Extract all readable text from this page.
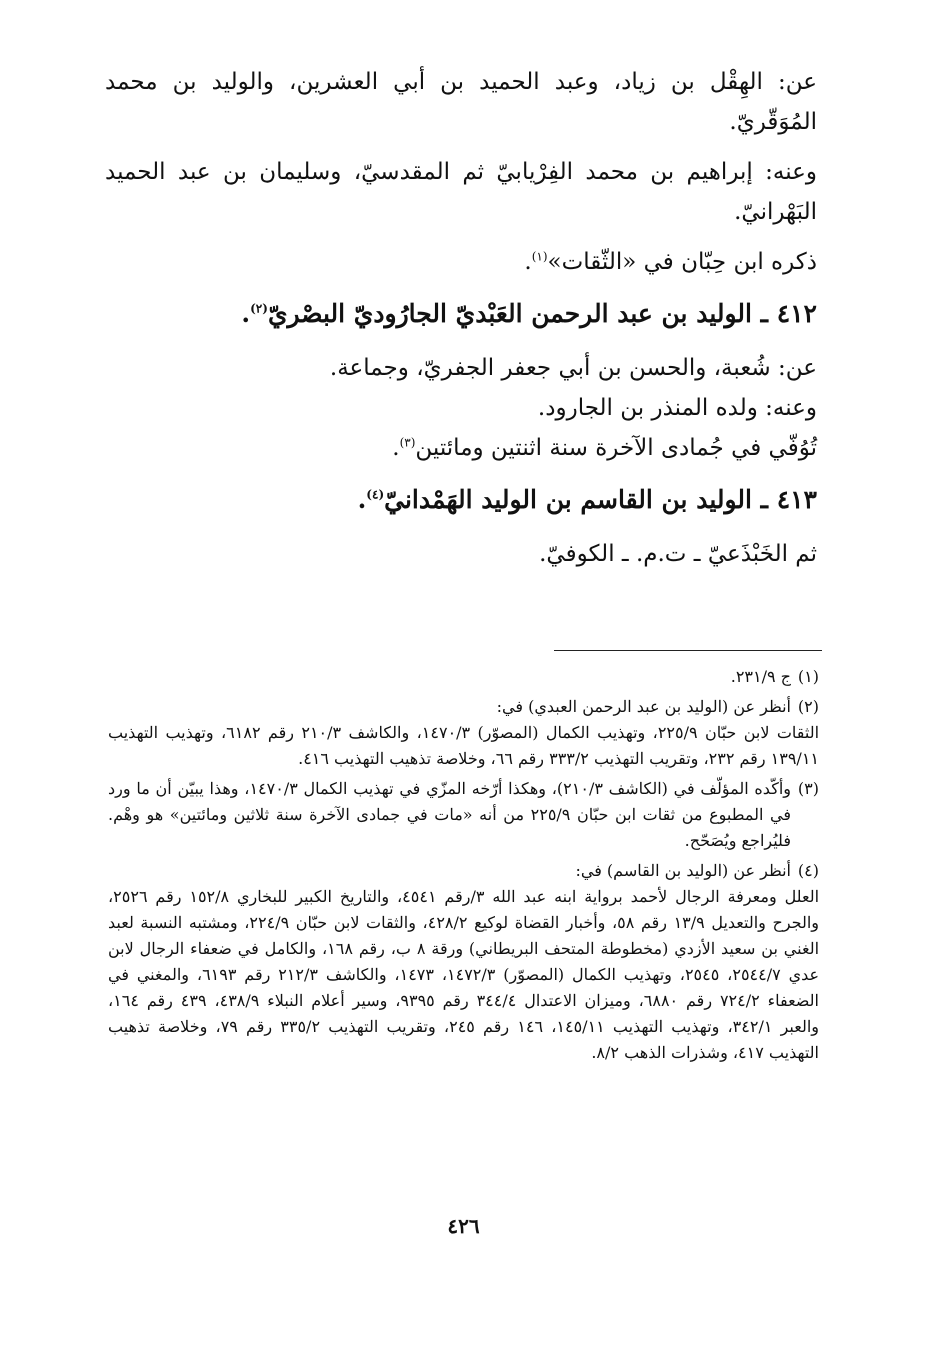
عن: الهِقْل بن زياد، وعبد الحميد بن أبي العشرين، والوليد بن محمد المُوَقّريّ.

وعنه: إبراهيم بن محمد الفِرْيابيّ ثم المقدسيّ، وسليمان بن عبد الحميد البَهْرانيّ.

ذكره ابن حِبّان في «الثّقات»$^{(١)}$.

٤١٢ ـ الوليد بن عبد الرحمن العَبْديّ الجارُوديّ البصْريّ$^{(٢)}$.

عن: شُعبة، والحسن بن أبي جعفر الجفريّ، وجماعة.

وعنه: ولده المنذر بن الجارود.

تُوُفّي في جُمادى الآخرة سنة اثنتين ومائتين$^{(٣)}$.

٤١٣ ـ الوليد بن القاسم بن الوليد الهَمْدانيّ$^{(٤)}$.

ثم الخَبْذَعيّ ـ ت.م. ـ الكوفيّ.

(١)
ج ٢٣١/٩.
(٢)
أنظر عن (الوليد بن عبد الرحمن العبدي) في:
الثقات لابن حبّان ٢٢٥/٩، وتهذيب الكمال (المصوّر) ١٤٧٠/٣، والكاشف ٢١٠/٣ رقم ٦١٨٢، وتهذيب التهذيب ١٣٩/١١ رقم ٢٣٢، وتقريب التهذيب ٣٣٣/٢ رقم ٦٦، وخلاصة تذهيب التهذيب ٤١٦.
(٣)
وأكّده المؤلّف في (الكاشف ٢١٠/٣)، وهكذا أرّخه المزّي في تهذيب الكمال ١٤٧٠/٣، وهذا يبيّن أن ما ورد في المطبوع من ثقات ابن حبّان ٢٢٥/٩ من أنه «مات في جمادى الآخرة سنة ثلاثين ومائتين» هو وهْم. فليُراجع ويُصَحّح.
(٤)
أنظر عن (الوليد بن القاسم) في:
العلل ومعرفة الرجال لأحمد برواية ابنه عبد الله ٣/رقم ٤٥٤١، والتاريخ الكبير للبخاري ١٥٢/٨ رقم ٢٥٢٦، والجرح والتعديل ١٣/٩ رقم ٥٨، وأخبار القضاة لوكيع ٤٢٨/٢، والثقات لابن حبّان ٢٢٤/٩، ومشتبه النسبة لعبد الغني بن سعيد الأزدي (مخطوطة المتحف البريطاني) ورقة ٨ ب، رقم ١٦٨، والكامل في ضعفاء الرجال لابن عدي ٢٥٤٤/٧، ٢٥٤٥، وتهذيب الكمال (المصوّر) ١٤٧٢/٣، ١٤٧٣، والكاشف ٢١٢/٣ رقم ٦١٩٣، والمغني في الضعفاء ٧٢٤/٢ رقم ٦٨٨٠، وميزان الاعتدال ٣٤٤/٤ رقم ٩٣٩٥، وسير أعلام النبلاء ٤٣٨/٩، ٤٣٩ رقم ١٦٤، والعبر ٣٤٢/١، وتهذيب التهذيب ١٤٥/١١، ١٤٦ رقم ٢٤٥، وتقريب التهذيب ٣٣٥/٢ رقم ٧٩، وخلاصة تذهيب التهذيب ٤١٧، وشذرات الذهب ٨/٢.
٤٢٦
